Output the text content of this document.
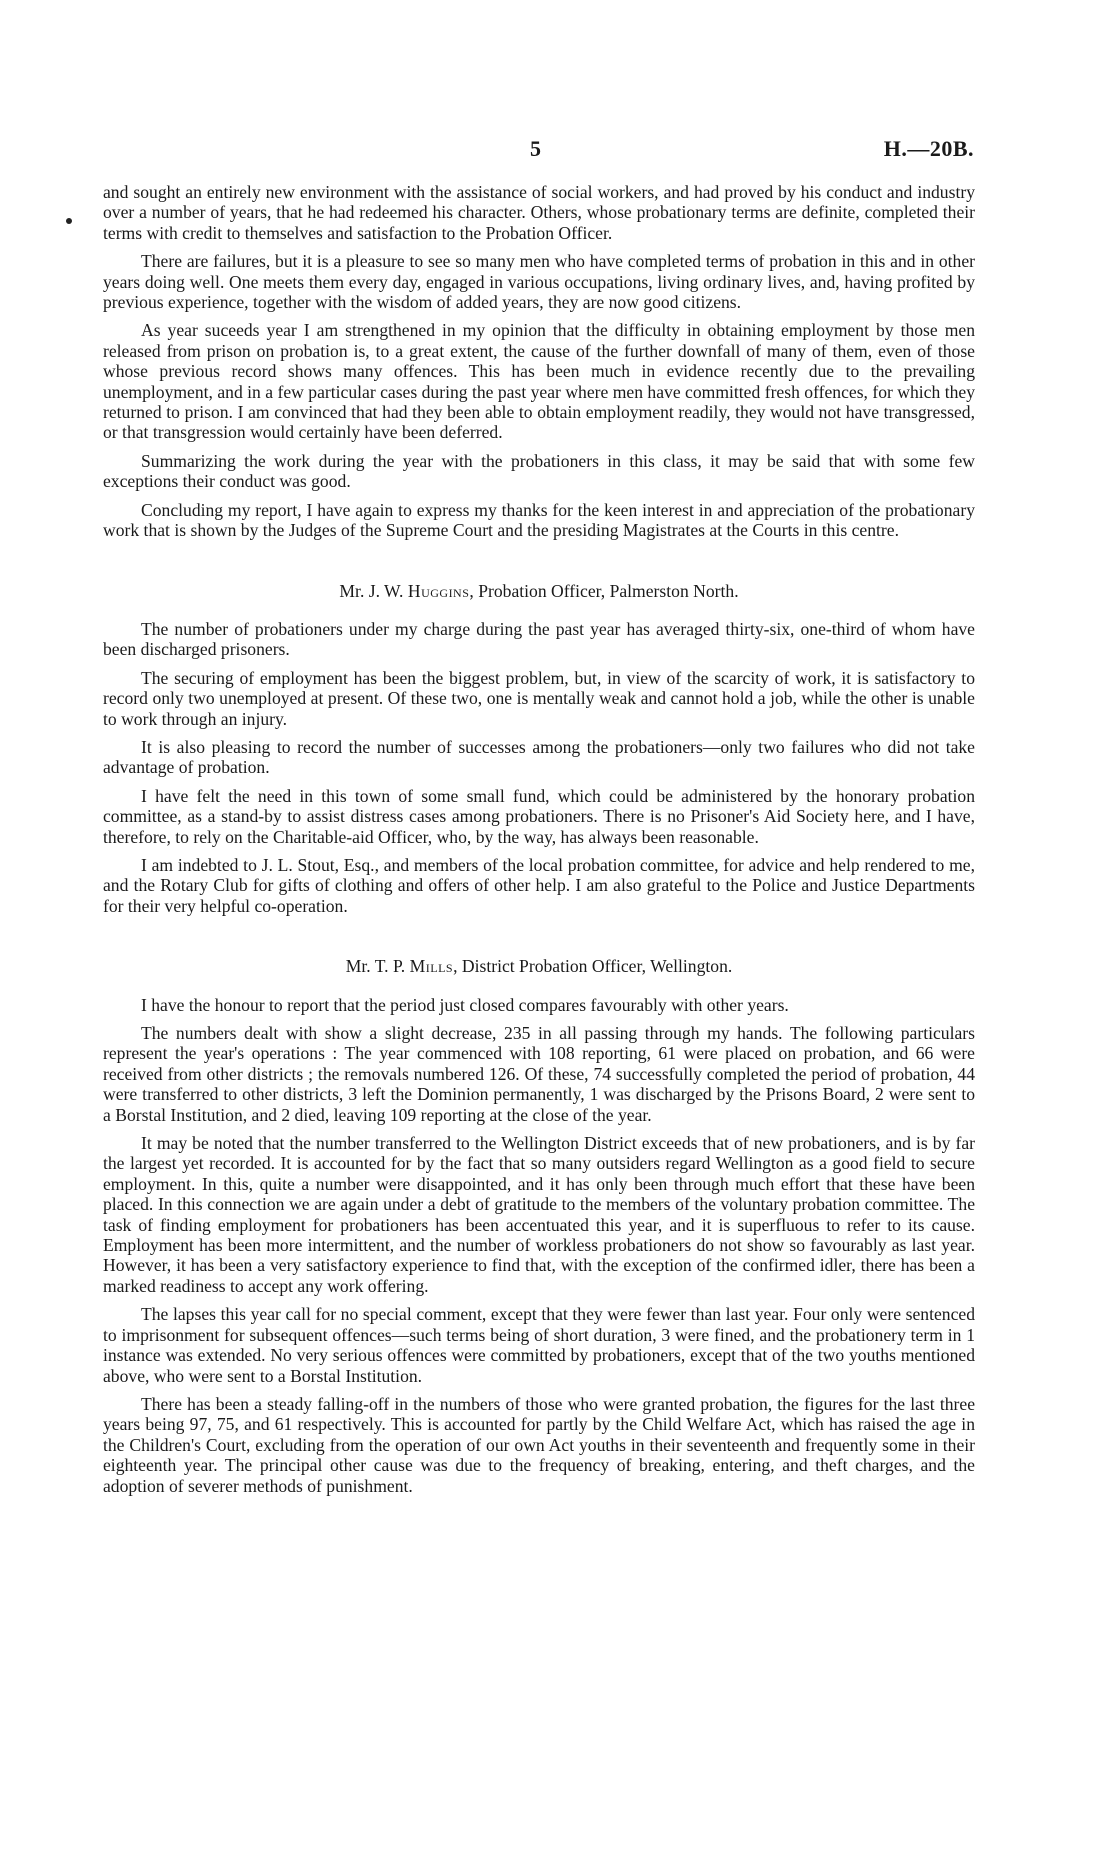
5	H.—20B.

and sought an entirely new environment with the assistance of social workers, and had proved by his conduct and industry over a number of years, that he had redeemed his character. Others, whose probationary terms are definite, completed their terms with credit to themselves and satisfaction to the Probation Officer.

There are failures, but it is a pleasure to see so many men who have completed terms of probation in this and in other years doing well. One meets them every day, engaged in various occupations, living ordinary lives, and, having profited by previous experience, together with the wisdom of added years, they are now good citizens.

As year suceeds year I am strengthened in my opinion that the difficulty in obtaining employment by those men released from prison on probation is, to a great extent, the cause of the further downfall of many of them, even of those whose previous record shows many offences. This has been much in evidence recently due to the prevailing unemployment, and in a few particular cases during the past year where men have committed fresh offences, for which they returned to prison. I am convinced that had they been able to obtain employment readily, they would not have transgressed, or that transgression would certainly have been deferred.

Summarizing the work during the year with the probationers in this class, it may be said that with some few exceptions their conduct was good.

Concluding my report, I have again to express my thanks for the keen interest in and appreciation of the probationary work that is shown by the Judges of the Supreme Court and the presiding Magistrates at the Courts in this centre.

Mr. J. W. Huggins, Probation Officer, Palmerston North.

The number of probationers under my charge during the past year has averaged thirty-six, one-third of whom have been discharged prisoners.

The securing of employment has been the biggest problem, but, in view of the scarcity of work, it is satisfactory to record only two unemployed at present. Of these two, one is mentally weak and cannot hold a job, while the other is unable to work through an injury.

It is also pleasing to record the number of successes among the probationers—only two failures who did not take advantage of probation.

I have felt the need in this town of some small fund, which could be administered by the honorary probation committee, as a stand-by to assist distress cases among probationers. There is no Prisoner's Aid Society here, and I have, therefore, to rely on the Charitable-aid Officer, who, by the way, has always been reasonable.

I am indebted to J. L. Stout, Esq., and members of the local probation committee, for advice and help rendered to me, and the Rotary Club for gifts of clothing and offers of other help. I am also grateful to the Police and Justice Departments for their very helpful co-operation.

Mr. T. P. Mills, District Probation Officer, Wellington.

I have the honour to report that the period just closed compares favourably with other years.

The numbers dealt with show a slight decrease, 235 in all passing through my hands. The following particulars represent the year's operations : The year commenced with 108 reporting, 61 were placed on probation, and 66 were received from other districts ; the removals numbered 126. Of these, 74 successfully completed the period of probation, 44 were transferred to other districts, 3 left the Dominion permanently, 1 was discharged by the Prisons Board, 2 were sent to a Borstal Institution, and 2 died, leaving 109 reporting at the close of the year.

It may be noted that the number transferred to the Wellington District exceeds that of new probationers, and is by far the largest yet recorded. It is accounted for by the fact that so many outsiders regard Wellington as a good field to secure employment. In this, quite a number were disappointed, and it has only been through much effort that these have been placed. In this connection we are again under a debt of gratitude to the members of the voluntary probation committee. The task of finding employment for probationers has been accentuated this year, and it is superfluous to refer to its cause. Employment has been more intermittent, and the number of workless probationers do not show so favourably as last year. However, it has been a very satisfactory experience to find that, with the exception of the confirmed idler, there has been a marked readiness to accept any work offering.

The lapses this year call for no special comment, except that they were fewer than last year. Four only were sentenced to imprisonment for subsequent offences—such terms being of short duration, 3 were fined, and the probationery term in 1 instance was extended. No very serious offences were committed by probationers, except that of the two youths mentioned above, who were sent to a Borstal Institution.

There has been a steady falling-off in the numbers of those who were granted probation, the figures for the last three years being 97, 75, and 61 respectively. This is accounted for partly by the Child Welfare Act, which has raised the age in the Children's Court, excluding from the operation of our own Act youths in their seventeenth and frequently some in their eighteenth year. The principal other cause was due to the frequency of breaking, entering, and theft charges, and the adoption of severer methods of punishment.
